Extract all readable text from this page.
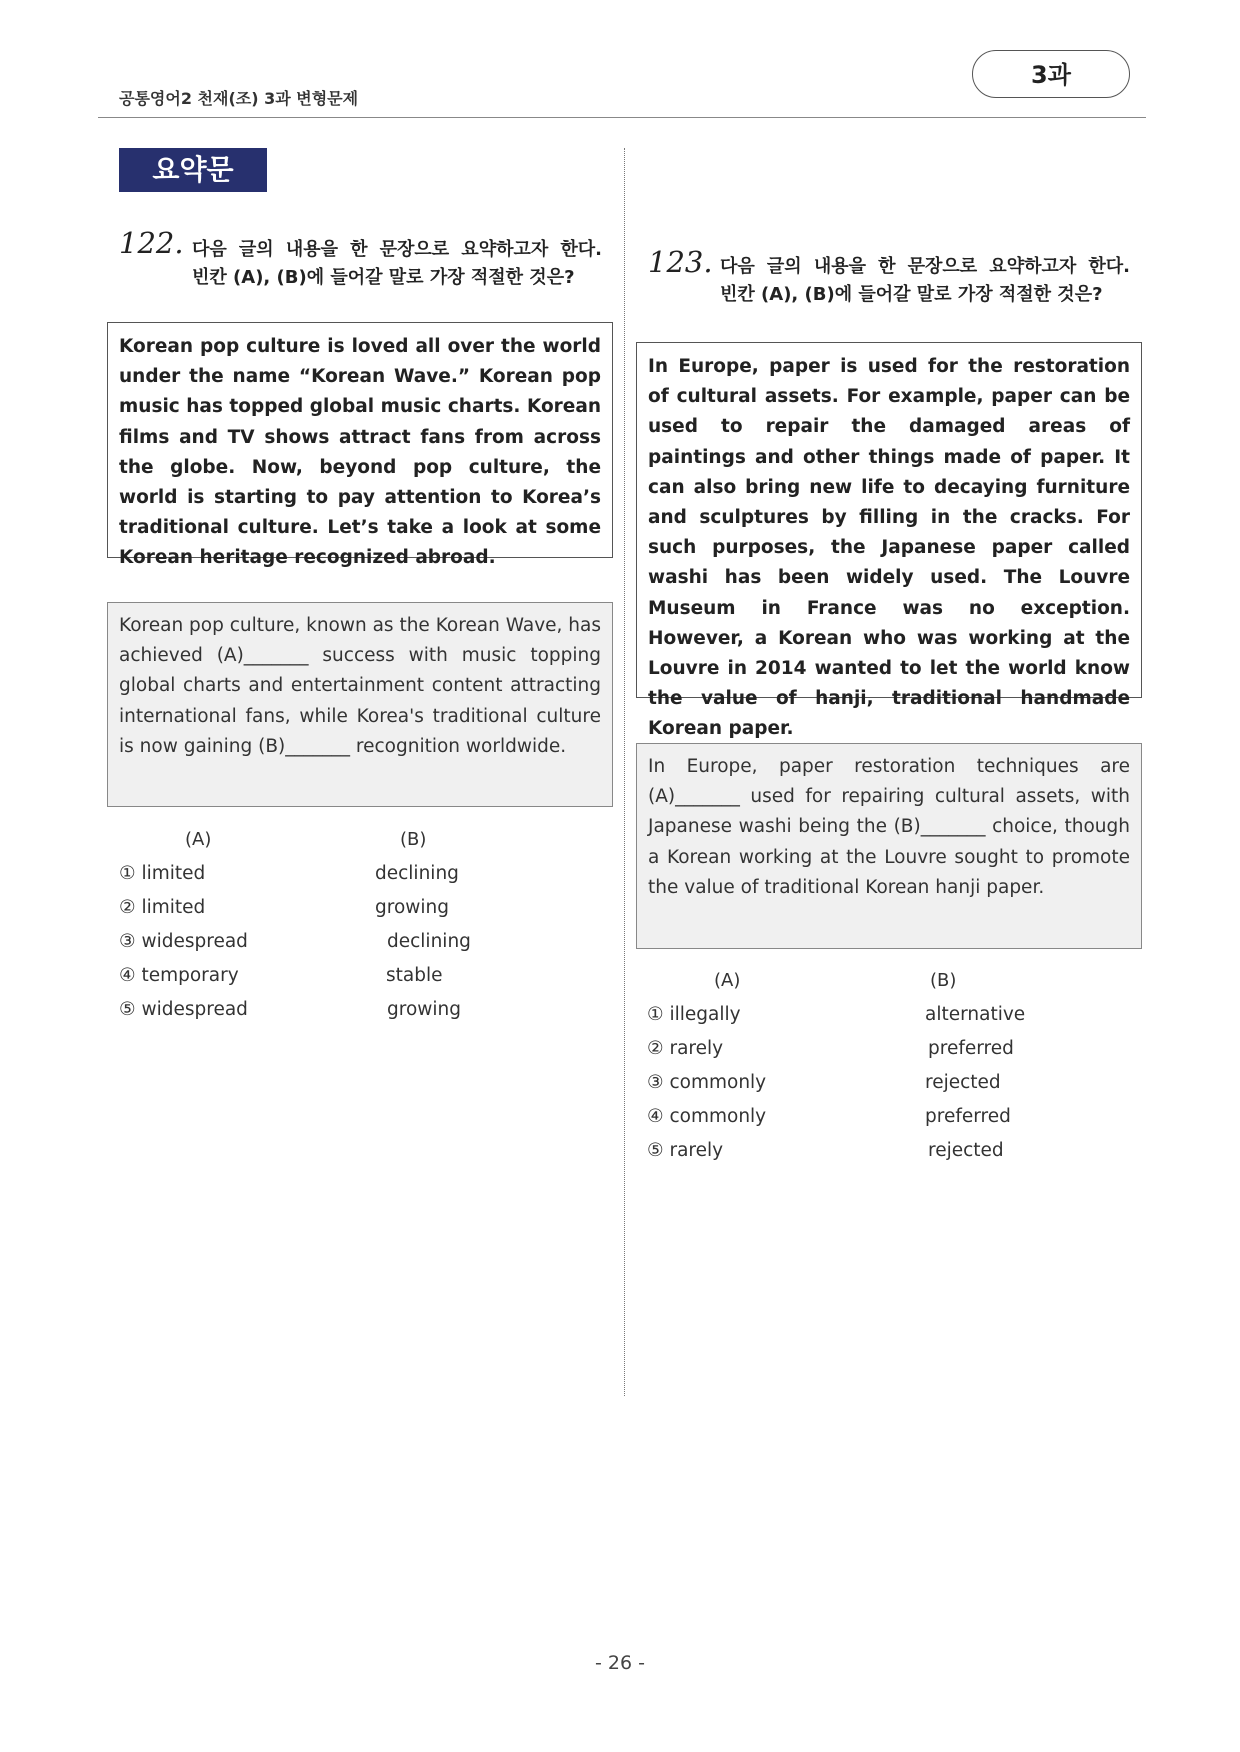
공통영어2 천재(조) 3과 변형문제
3과
요약문
122. 다음 글의 내용을 한 문장으로 요약하고자 한다.
빈칸 (A), (B)에 들어갈 말로 가장 적절한 것은?
Korean pop culture is loved all over the world under the name “Korean Wave.” Korean pop music has topped global music charts. Korean films and TV shows attract fans from across the globe. Now, beyond pop culture, the world is starting to pay attention to Korea’s traditional culture. Let’s take a look at some Korean heritage recognized abroad.
Korean pop culture, known as the Korean Wave, has achieved (A)_______ success with music topping global charts and entertainment content attracting international fans, while Korea's traditional culture is now gaining (B)_______ recognition worldwide.
(A)	(B)
① limited	declining
② limited	growing
③ widespread	declining
④ temporary	stable
⑤ widespread	growing
123. 다음 글의 내용을 한 문장으로 요약하고자 한다.
빈칸 (A), (B)에 들어갈 말로 가장 적절한 것은?
In Europe, paper is used for the restoration of cultural assets. For example, paper can be used to repair the damaged areas of paintings and other things made of paper. It can also bring new life to decaying furniture and sculptures by filling in the cracks. For such purposes, the Japanese paper called washi has been widely used. The Louvre Museum in France was no exception. However, a Korean who was working at the Louvre in 2014 wanted to let the world know the value of hanji, traditional handmade Korean paper.
In Europe, paper restoration techniques are (A)_______ used for repairing cultural assets, with Japanese washi being the (B)_______ choice, though a Korean working at the Louvre sought to promote the value of traditional Korean hanji paper.
(A)	(B)
① illegally	alternative
② rarely	preferred
③ commonly	rejected
④ commonly	preferred
⑤ rarely	rejected
- 26 -
